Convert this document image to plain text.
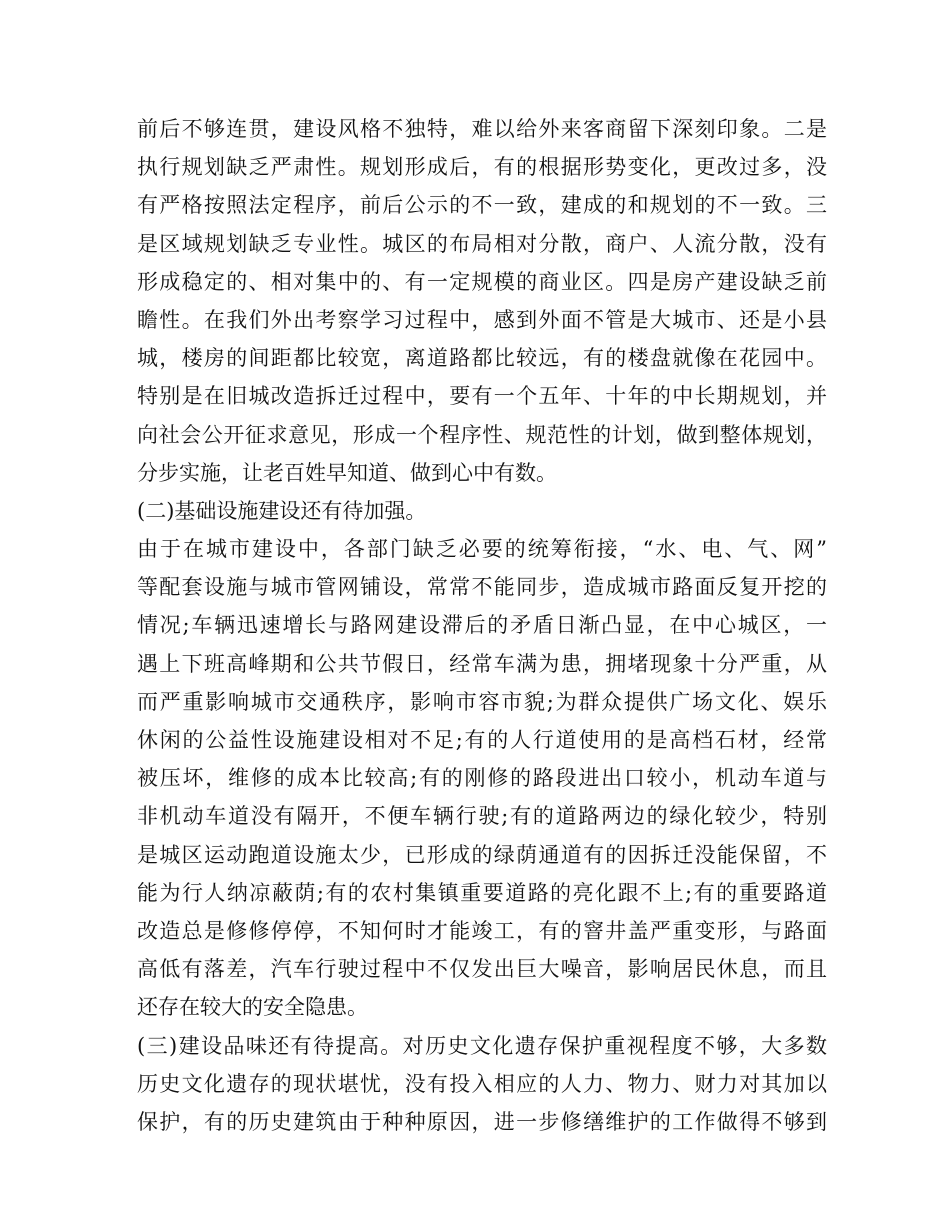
前后不够连贯，建设风格不独特，难以给外来客商留下深刻印象。二是
执行规划缺乏严肃性。规划形成后，有的根据形势变化，更改过多，没
有严格按照法定程序，前后公示的不一致，建成的和规划的不一致。三
是区域规划缺乏专业性。城区的布局相对分散，商户、人流分散，没有
形成稳定的、相对集中的、有一定规模的商业区。四是房产建设缺乏前
瞻性。在我们外出考察学习过程中，感到外面不管是大城市、还是小县
城，楼房的间距都比较宽，离道路都比较远，有的楼盘就像在花园中。
特别是在旧城改造拆迁过程中，要有一个五年、十年的中长期规划，并
向社会公开征求意见，形成一个程序性、规范性的计划，做到整体规划，
分步实施，让老百姓早知道、做到心中有数。
(二)基础设施建设还有待加强。
由于在城市建设中，各部门缺乏必要的统筹衔接，“水、电、气、网”
等配套设施与城市管网铺设，常常不能同步，造成城市路面反复开挖的
情况;车辆迅速增长与路网建设滞后的矛盾日渐凸显，在中心城区，一
遇上下班高峰期和公共节假日，经常车满为患，拥堵现象十分严重，从
而严重影响城市交通秩序，影响市容市貌;为群众提供广场文化、娱乐
休闲的公益性设施建设相对不足;有的人行道使用的是高档石材，经常
被压坏，维修的成本比较高;有的刚修的路段进出口较小，机动车道与
非机动车道没有隔开，不便车辆行驶;有的道路两边的绿化较少，特别
是城区运动跑道设施太少，已形成的绿荫通道有的因拆迁没能保留，不
能为行人纳凉蔽荫;有的农村集镇重要道路的亮化跟不上;有的重要路道
改造总是修修停停，不知何时才能竣工，有的窨井盖严重变形，与路面
高低有落差，汽车行驶过程中不仅发出巨大噪音，影响居民休息，而且
还存在较大的安全隐患。
(三)建设品味还有待提高。对历史文化遗存保护重视程度不够，大多数
历史文化遗存的现状堪忧，没有投入相应的人力、物力、财力对其加以
保护，有的历史建筑由于种种原因，进一步修缮维护的工作做得不够到
